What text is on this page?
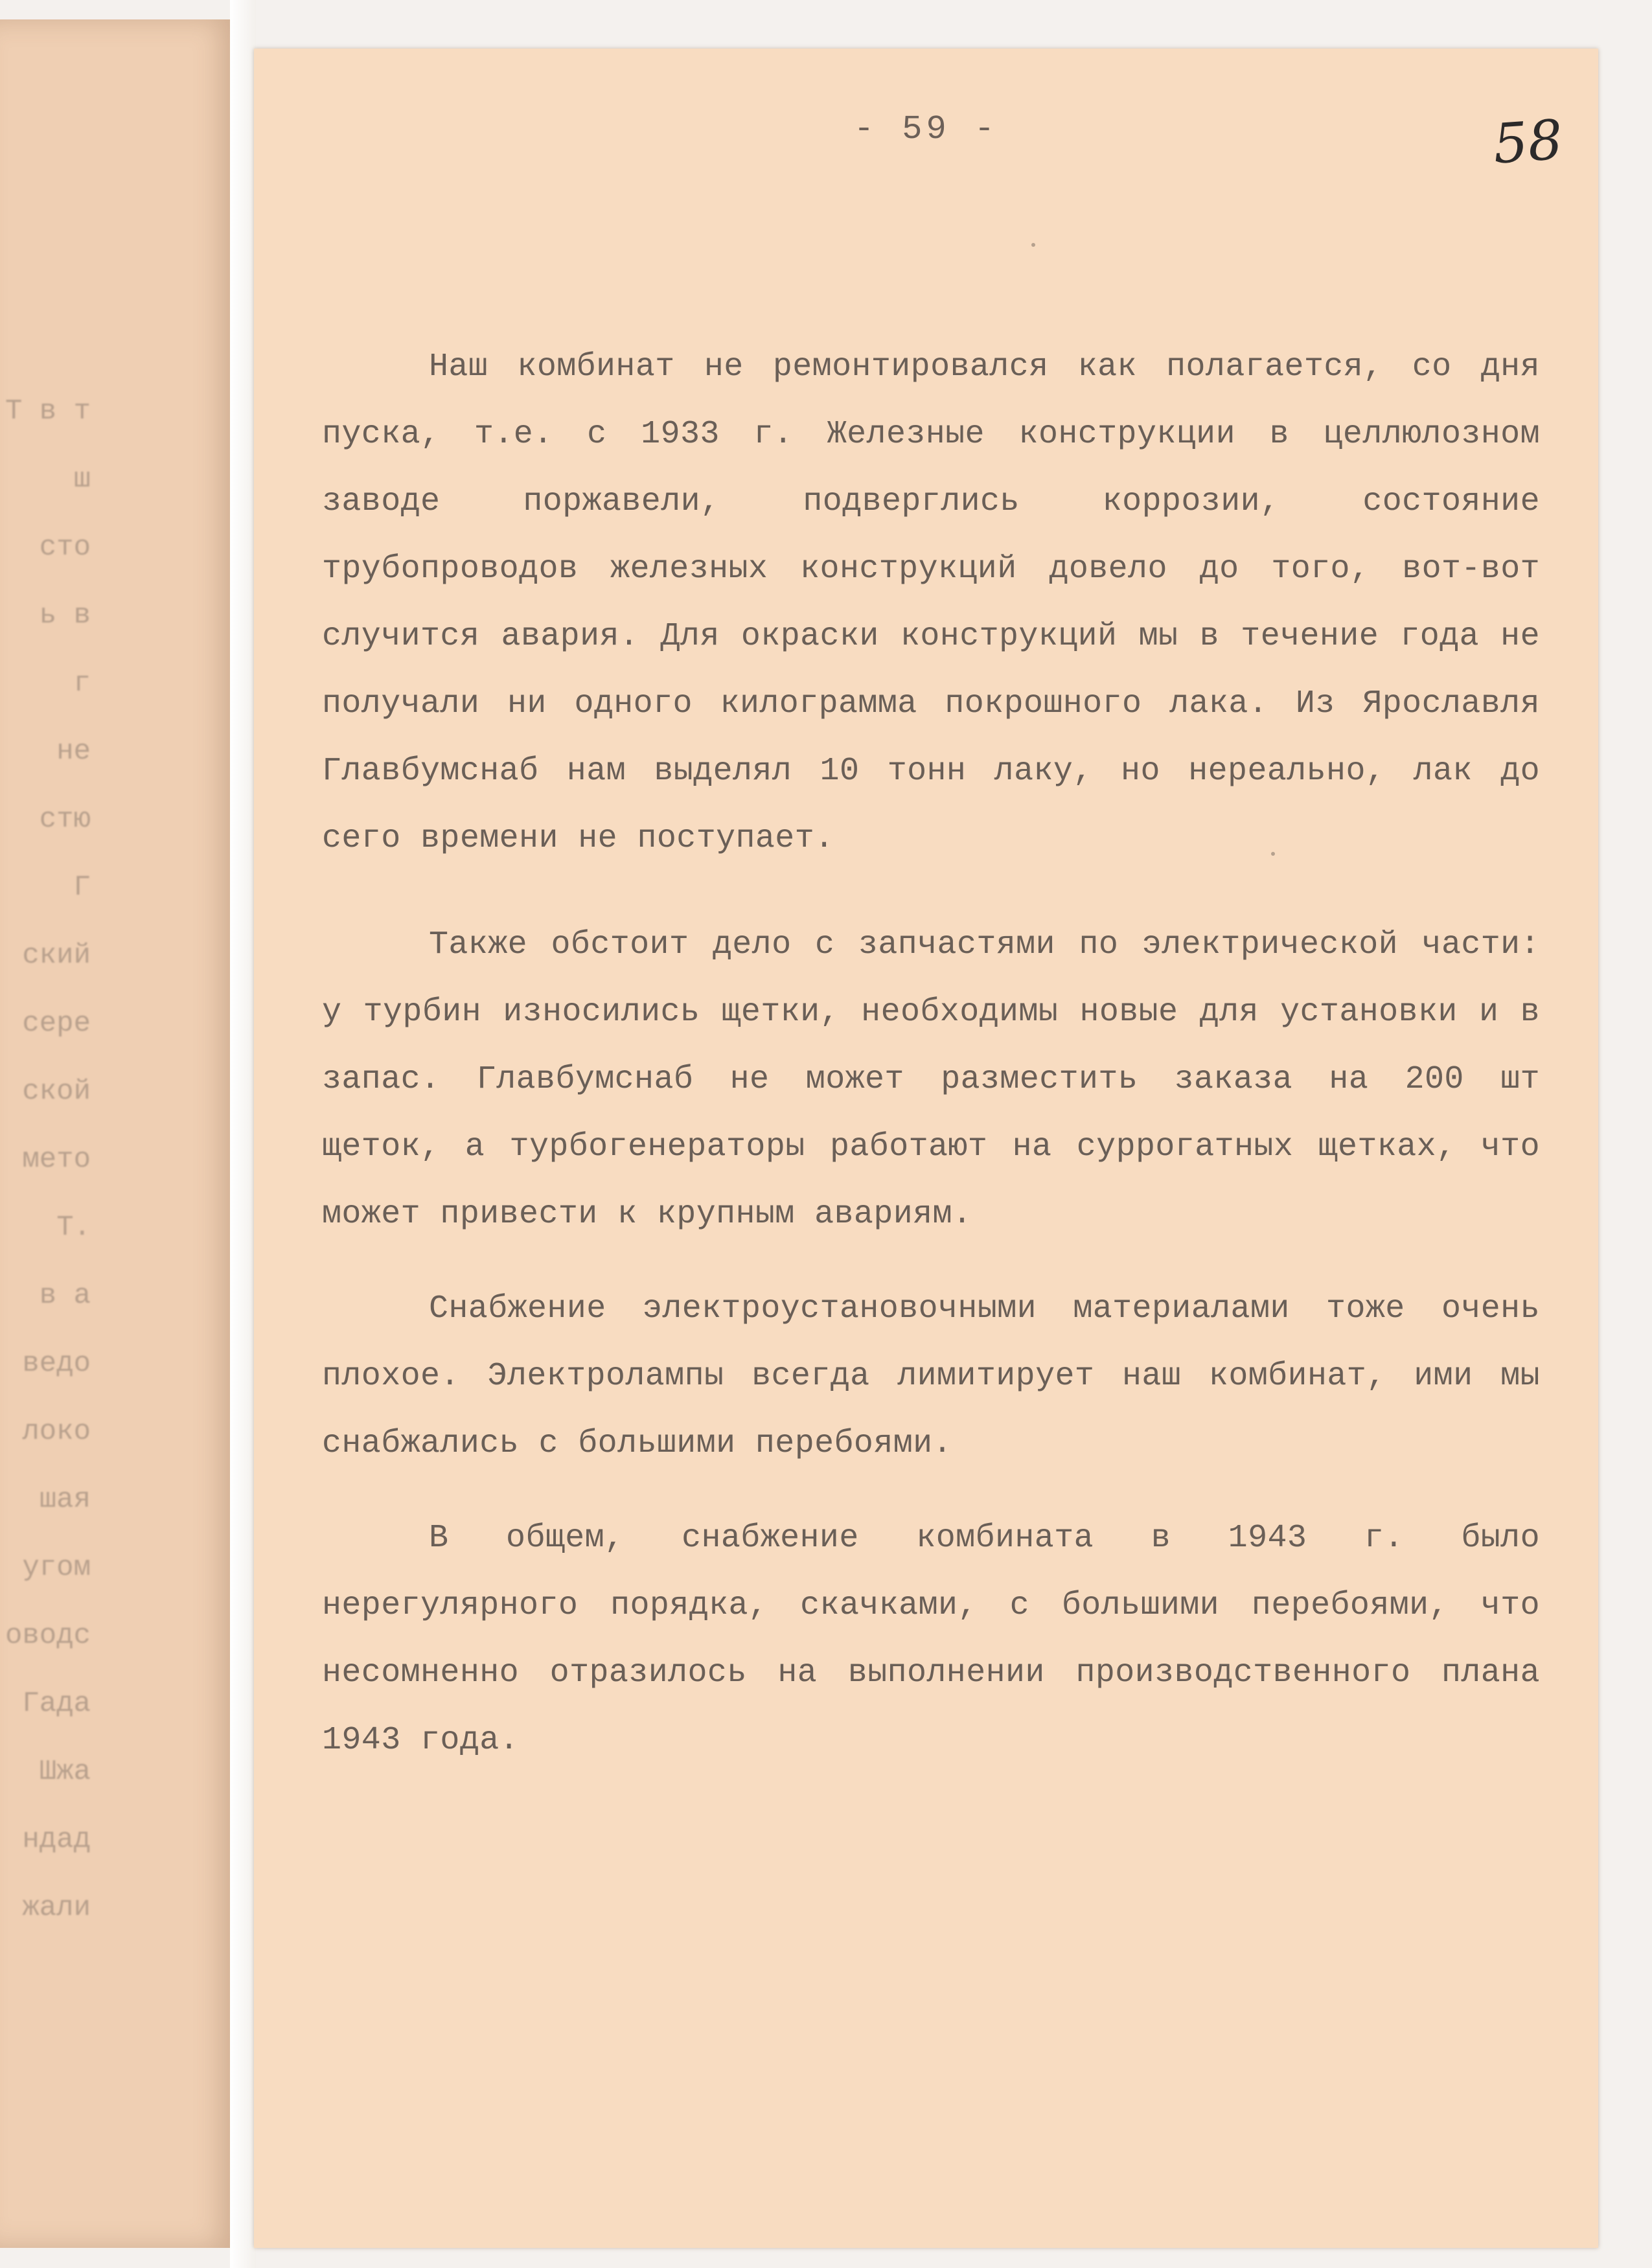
Т в т
ш
сто
ь в
г
не
стю
Г
ский
сере
ской
мето
Т.
в а
ведо
локо
шая
угом
оводс
Гада
Шжа
ндад
жали
- 59 -	58

Наш комбинат не ремонтировался как полагается, со дня пуска, т.е. с 1933 г. Железные конструкции в целлюлозном заводе поржавели, подверглись коррозии, состояние трубопроводов железных конструкций довело до того, вот-вот случится авария. Для окраски конструкций мы в течение года не получали ни одного килограмма покрошного лака. Из Ярославля Главбумснаб нам выделял 10 тонн лаку, но нереально, лак до сего времени не поступает.

Также обстоит дело с запчастями по электрической части: у турбин износились щетки, необходимы новые для установки и в запас. Главбумснаб не может разместить заказа на 200 шт щеток, а турбогенераторы работают на суррогатных щетках, что может привести к крупным авариям.

Снабжение электроустановочными материалами тоже очень плохое. Электролампы всегда лимитирует наш комбинат, ими мы снабжались с большими перебоями.

В общем, снабжение комбината в 1943 г. было нерегулярного порядка, скачками, с большими перебоями, что несомненно отразилось на выполнении производственного плана 1943 года.
